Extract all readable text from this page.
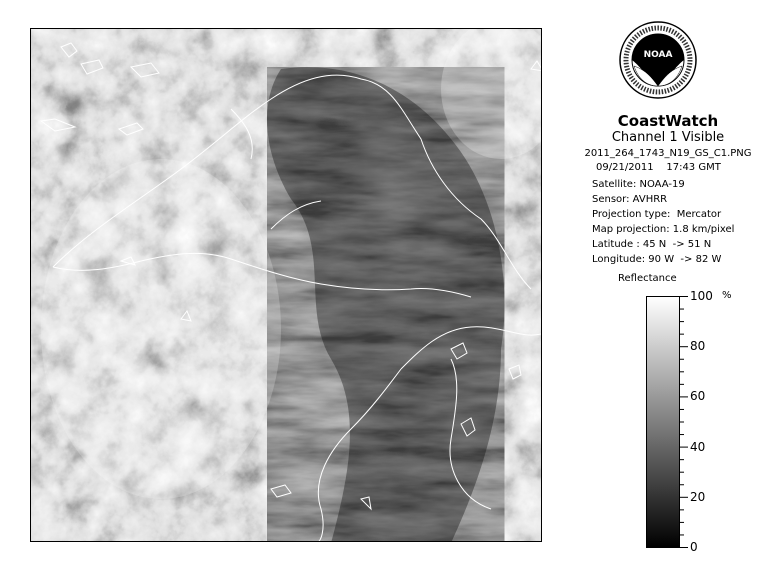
NOAA
CoastWatch
Channel 1 Visible
2011_264_1743_N19_GS_C1.PNG
09/21/2011    17:43 GMT
Satellite: NOAA-19
Sensor: AVHRR
Projection type:  Mercator
Map projection: 1.8 km/pixel
Latitude : 45 N  -> 51 N
Longitude: 90 W  -> 82 W
Reflectance
%
100
80
60
40
20
0
